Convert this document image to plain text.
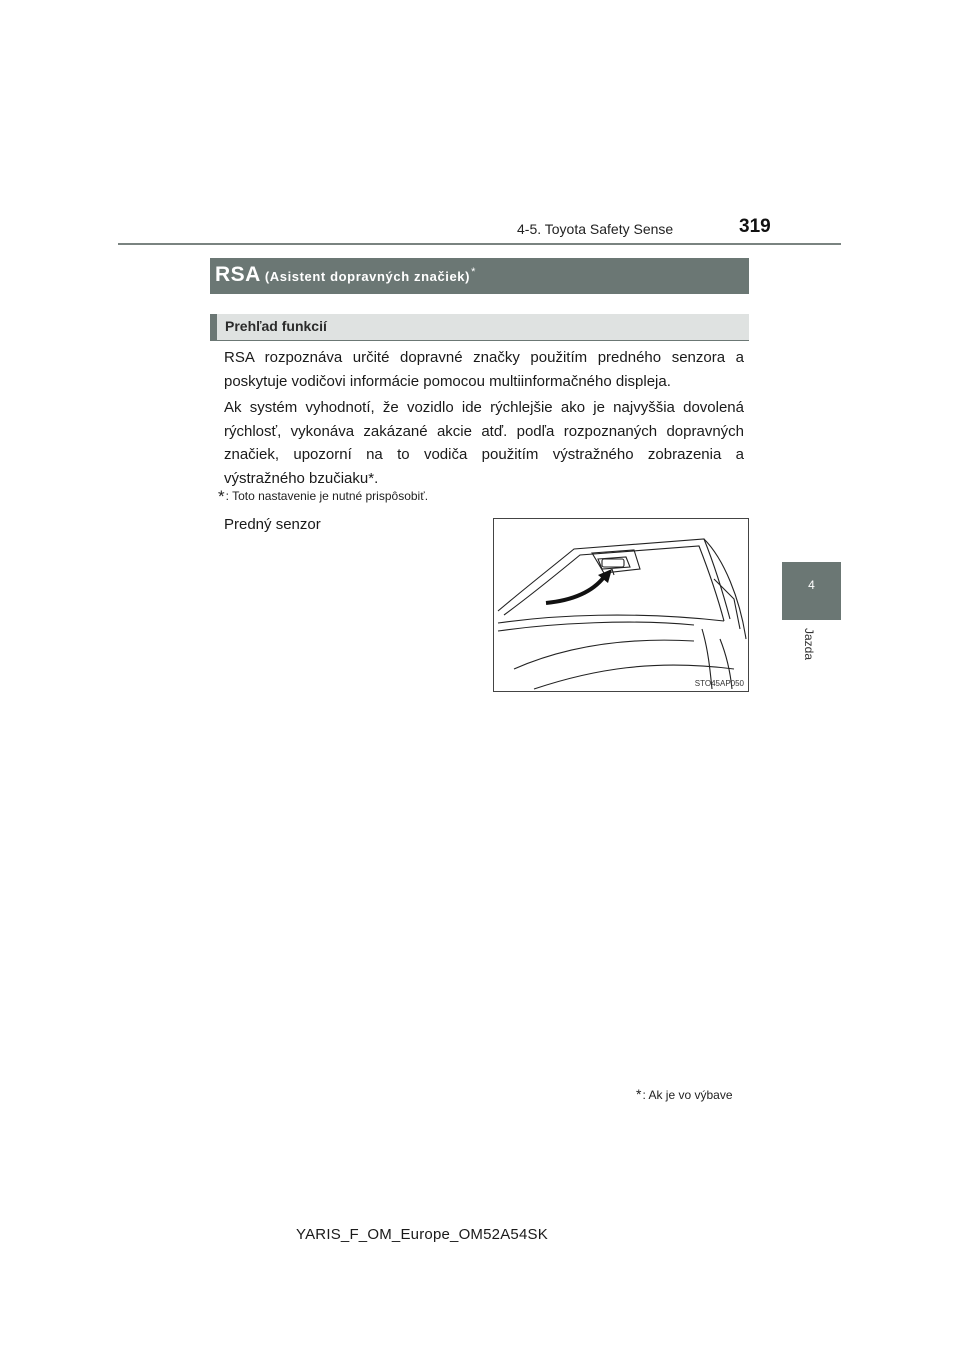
4-5. Toyota Safety Sense	319
4
Jazda
RSA (Asistent dopravných značiek)*
Prehľad funkcií
RSA rozpoznáva určité dopravné značky použitím predného senzora a poskytuje vodičovi informácie pomocou multiinformačného displeja.
Ak systém vyhodnotí, že vozidlo ide rýchlejšie ako je najvyššia dovolená rýchlosť, vykonáva zakázané akcie atď. podľa rozpoznaných dopravných značiek, upozorní na to vodiča použitím výstražného zobrazenia a výstražného bzučiaku*.
*: Toto nastavenie je nutné prispôsobiť.
Predný senzor
STO45AP050
*: Ak je vo výbave
YARIS_F_OM_Europe_OM52A54SK
